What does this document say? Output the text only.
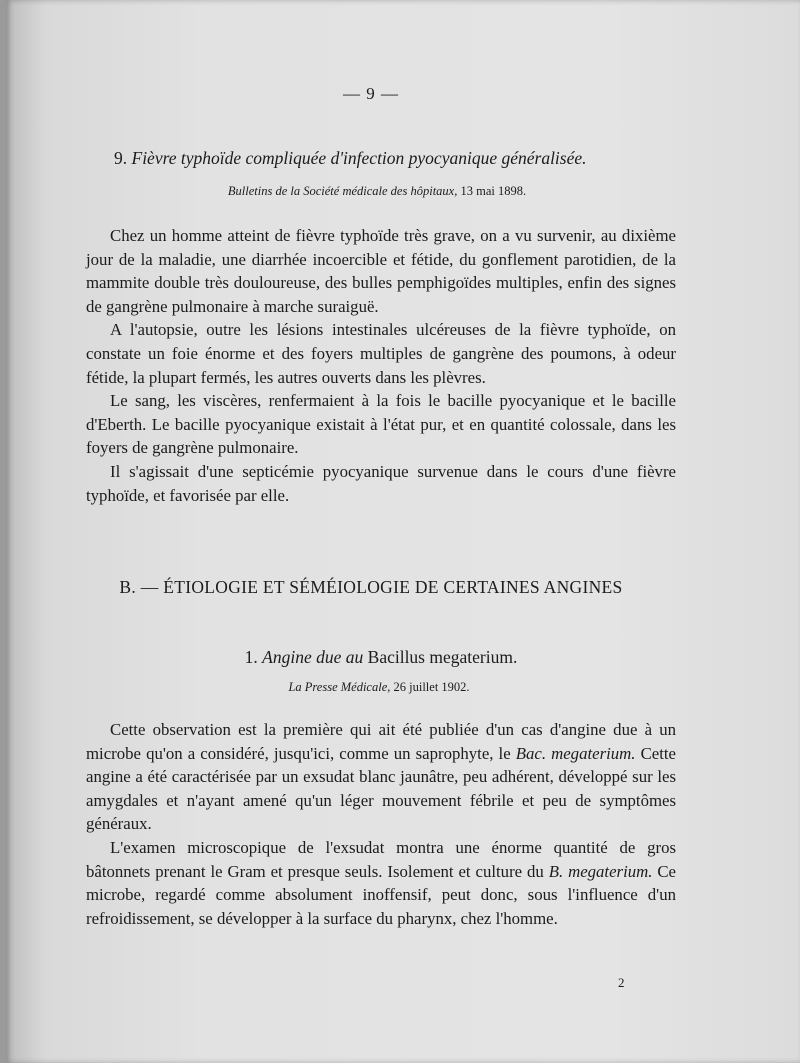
— 9 —
9. Fièvre typhoïde compliquée d'infection pyocyanique généralisée.
Bulletins de la Société médicale des hôpitaux, 13 mai 1898.

Chez un homme atteint de fièvre typhoïde très grave, on a vu survenir, au dixième jour de la maladie, une diarrhée incoercible et fétide, du gonflement parotidien, de la mammite double très douloureuse, des bulles pemphigoïdes multiples, enfin des signes de gangrène pulmonaire à marche suraiguë.

A l'autopsie, outre les lésions intestinales ulcéreuses de la fièvre typhoïde, on constate un foie énorme et des foyers multiples de gangrène des poumons, à odeur fétide, la plupart fermés, les autres ouverts dans les plèvres.

Le sang, les viscères, renfermaient à la fois le bacille pyocyanique et le bacille d'Eberth. Le bacille pyocyanique existait à l'état pur, et en quantité colossale, dans les foyers de gangrène pulmonaire.

Il s'agissait d'une septicémie pyocyanique survenue dans le cours d'une fièvre typhoïde, et favorisée par elle.

B. — ÉTIOLOGIE ET SÉMÉIOLOGIE DE CERTAINES ANGINES
1. Angine due au Bacillus megaterium.
La Presse Médicale, 26 juillet 1902.

Cette observation est la première qui ait été publiée d'un cas d'angine due à un microbe qu'on a considéré, jusqu'ici, comme un saprophyte, le Bac. megaterium. Cette angine a été caractérisée par un exsudat blanc jaunâtre, peu adhérent, développé sur les amygdales et n'ayant amené qu'un léger mouvement fébrile et peu de symptômes généraux.

L'examen microscopique de l'exsudat montra une énorme quantité de gros bâtonnets prenant le Gram et presque seuls. Isolement et culture du B. megaterium. Ce microbe, regardé comme absolument inoffensif, peut donc, sous l'influence d'un refroidissement, se développer à la surface du pharynx, chez l'homme.

2
